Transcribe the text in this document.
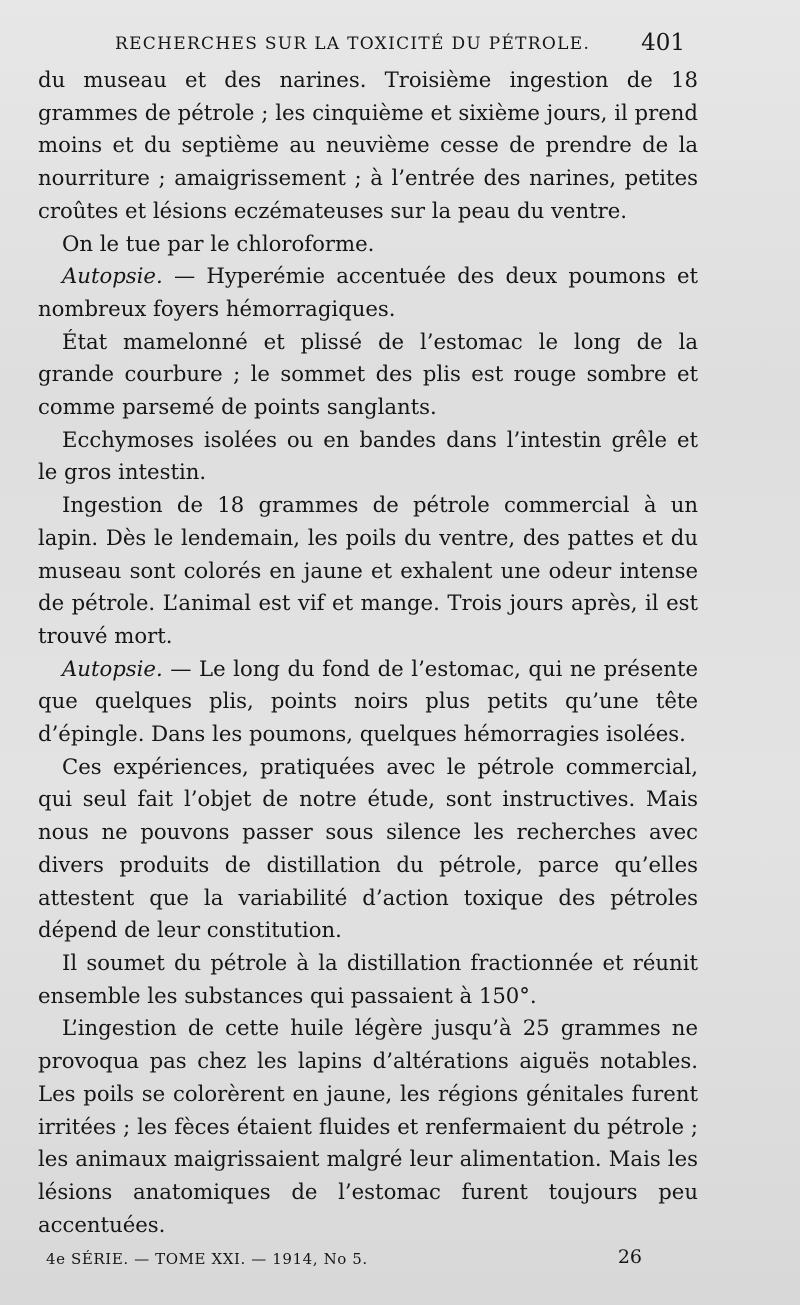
RECHERCHES SUR LA TOXICITÉ DU PÉTROLE. 401

du museau et des narines. Troisième ingestion de 18 grammes de pétrole ; les cinquième et sixième jours, il prend moins et du septième au neuvième cesse de prendre de la nourriture ; amaigrissement ; à l’entrée des narines, petites croûtes et lésions eczémateuses sur la peau du ventre.

On le tue par le chloroforme.

Autopsie. — Hyperémie accentuée des deux poumons et nombreux foyers hémorragiques.

État mamelonné et plissé de l’estomac le long de la grande courbure ; le sommet des plis est rouge sombre et comme parsemé de points sanglants.

Ecchymoses isolées ou en bandes dans l’intestin grêle et le gros intestin.

Ingestion de 18 grammes de pétrole commercial à un lapin. Dès le lendemain, les poils du ventre, des pattes et du museau sont colorés en jaune et exhalent une odeur intense de pétrole. L’animal est vif et mange. Trois jours après, il est trouvé mort.

Autopsie. — Le long du fond de l’estomac, qui ne présente que quelques plis, points noirs plus petits qu’une tête d’épingle. Dans les poumons, quelques hémorragies isolées.

Ces expériences, pratiquées avec le pétrole commercial, qui seul fait l’objet de notre étude, sont instructives. Mais nous ne pouvons passer sous silence les recherches avec divers produits de distillation du pétrole, parce qu’elles attestent que la variabilité d’action toxique des pétroles dépend de leur constitution.

Il soumet du pétrole à la distillation fractionnée et réunit ensemble les substances qui passaient à 150°.

L’ingestion de cette huile légère jusqu’à 25 grammes ne provoqua pas chez les lapins d’altérations aiguës notables. Les poils se colorèrent en jaune, les régions génitales furent irritées ; les fèces étaient fluides et renfermaient du pétrole ; les animaux maigrissaient malgré leur alimentation. Mais les lésions anatomiques de l’estomac furent toujours peu accentuées.

4e SÉRIE. — TOME XXI. — 1914, No 5.	26
